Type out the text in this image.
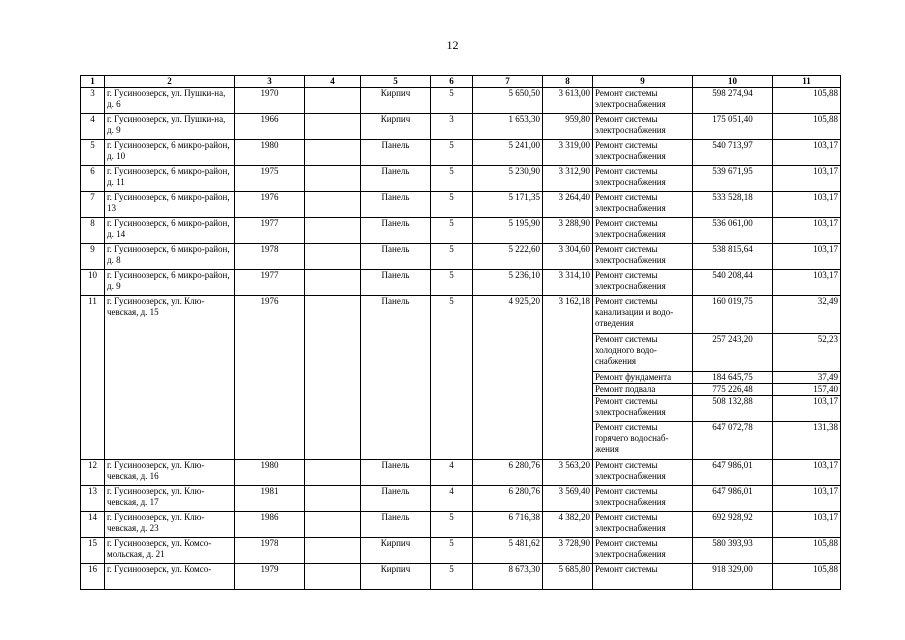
12
1	2	3	4	5	6	7	8	9	10	11
3	г. Гусиноозерск, ул. Пушки-на, д. 6	1970		Кирпич	5	5 650,50	3 613,00	Ремонт системы электроснабжения	598 274,94	105,88
4	г. Гусиноозерск, ул. Пушки-на, д. 9	1966		Кирпич	3	1 653,30	959,80	Ремонт системы электроснабжения	175 051,40	105,88
5	г. Гусиноозерск, 6 микро-район, д. 10	1980		Панель	5	5 241,00	3 319,00	Ремонт системы электроснабжения	540 713,97	103,17
6	г. Гусиноозерск, 6 микро-район, д. 11	1975		Панель	5	5 230,90	3 312,90	Ремонт системы электроснабжения	539 671,95	103,17
7	г. Гусиноозерск, 6 микро-район, 13	1976		Панель	5	5 171,35	3 264,40	Ремонт системы электроснабжения	533 528,18	103,17
8	г. Гусиноозерск, 6 микро-район, д. 14	1977		Панель	5	5 195,90	3 288,90	Ремонт системы электроснабжения	536 061,00	103,17
9	г. Гусиноозерск, 6 микро-район, д. 8	1978		Панель	5	5 222,60	3 304,60	Ремонт системы электроснабжения	538 815,64	103,17
10	г. Гусиноозерск, 6 микро-район, д. 9	1977		Панель	5	5 236,10	3 314,10	Ремонт системы электроснабжения	540 208,44	103,17
11	г. Гусиноозерск, ул. Клю-чевская, д. 15	1976		Панель	5	4 925,20	3 162,18	Ремонт системы канализации и водо-отведения	160 019,75	32,49
								Ремонт системы холодного водо-снабжения	257 243,20	52,23
								Ремонт фундамента	184 645,75	37,49
								Ремонт подвала	775 226,48	157,40
								Ремонт системы электроснабжения	508 132,88	103,17
								Ремонт системы горячего водоснаб-жения	647 072,78	131,38
12	г. Гусиноозерск, ул. Клю-чевская, д. 16	1980		Панель	4	6 280,76	3 563,20	Ремонт системы электроснабжения	647 986,01	103,17
13	г. Гусиноозерск, ул. Клю-чевская, д. 17	1981		Панель	4	6 280,76	3 569,40	Ремонт системы электроснабжения	647 986,01	103,17
14	г. Гусиноозерск, ул. Клю-чевская, д. 23	1986		Панель	5	6 716,38	4 382,20	Ремонт системы электроснабжения	692 928,92	103,17
15	г. Гусиноозерск, ул. Комсо-мольская, д. 21	1978		Кирпич	5	5 481,62	3 728,90	Ремонт системы электроснабжения	580 393,93	105,88
16	г. Гусиноозерск, ул. Комсо-	1979		Кирпич	5	8 673,30	5 685,80	Ремонт системы	918 329,00	105,88
